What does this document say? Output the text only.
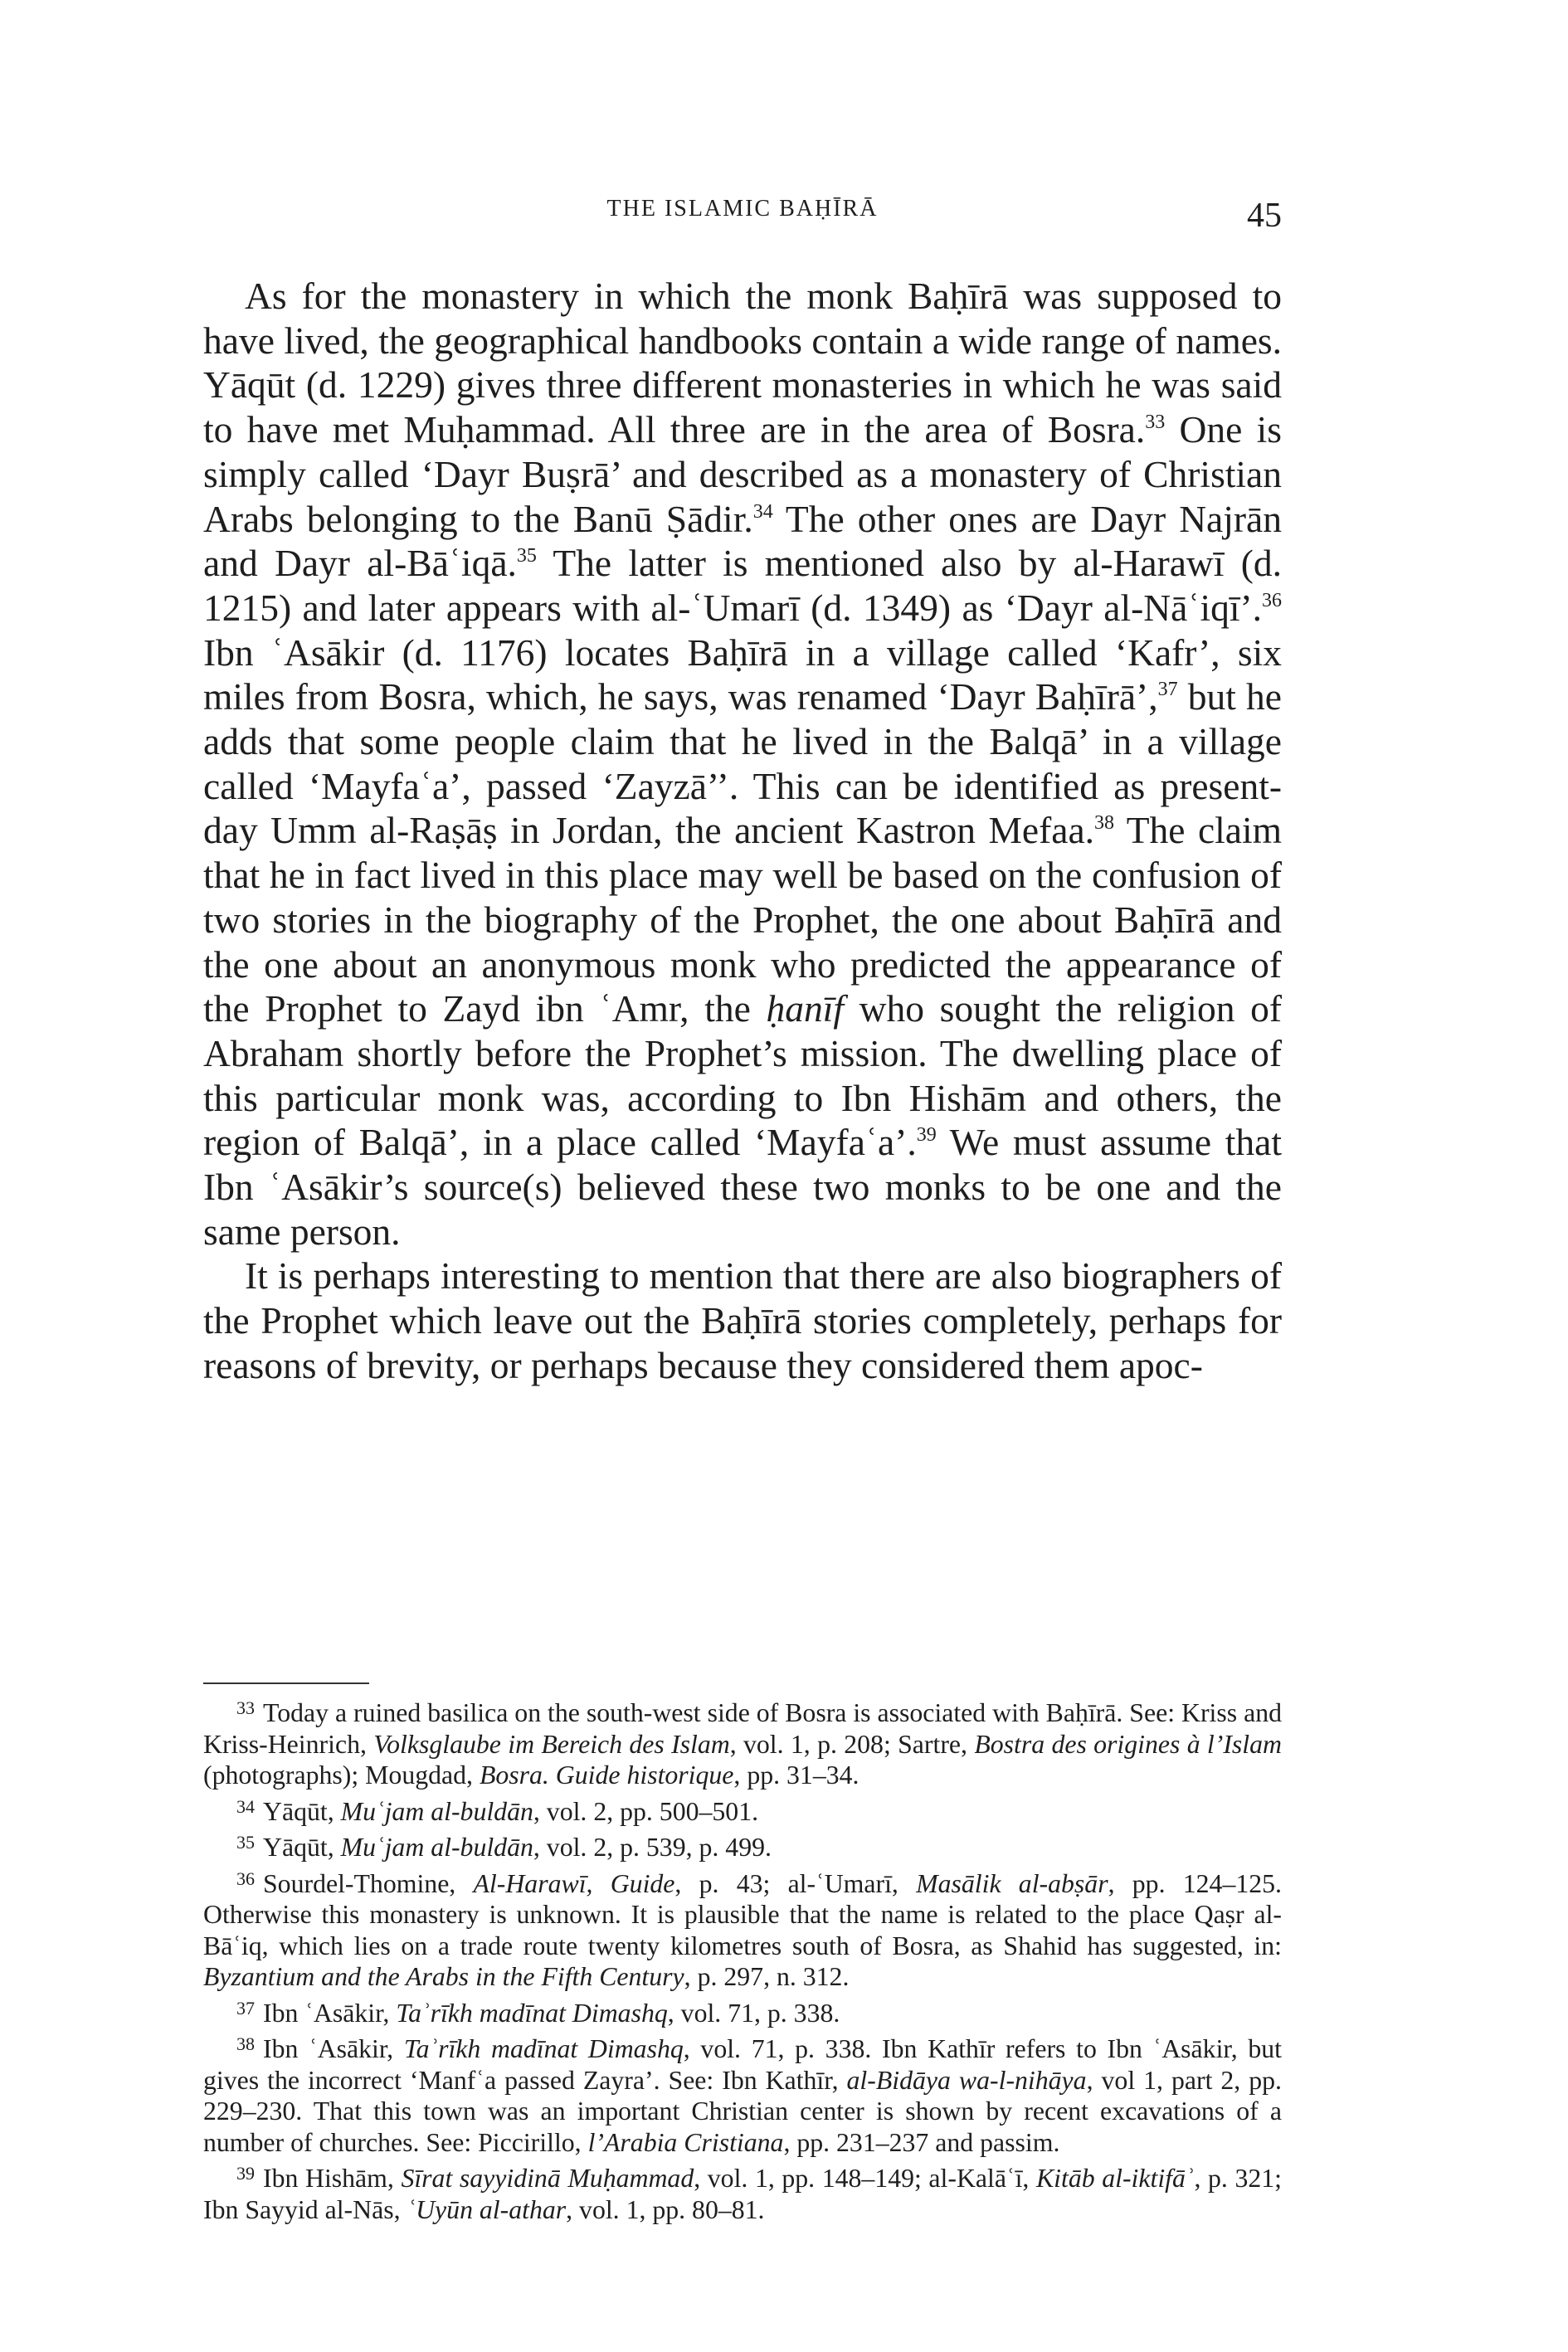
THE ISLAMIC BAḤĪRĀ	45

As for the monastery in which the monk Baḥīrā was supposed to have lived, the geographical handbooks contain a wide range of names. Yāqūt (d. 1229) gives three different monasteries in which he was said to have met Muḥammad. All three are in the area of Bosra.$^{33}$ One is simply called ‘Dayr Buṣrā’ and described as a monastery of Christian Arabs belonging to the Banū Ṣādir.$^{34}$ The other ones are Dayr Najrān and Dayr al-Bāʿiqā.$^{35}$ The latter is mentioned also by al-Harawī (d. 1215) and later appears with al-ʿUmarī (d. 1349) as ‘Dayr al-Nāʿiqī’.$^{36}$ Ibn ʿAsākir (d. 1176) locates Baḥīrā in a village called ‘Kafr’, six miles from Bosra, which, he says, was renamed ‘Dayr Baḥīrā’,$^{37}$ but he adds that some people claim that he lived in the Balqā’ in a village called ‘Mayfaʿa’, passed ‘Zayzā’’. This can be identified as present-day Umm al-Raṣāṣ in Jordan, the ancient Kastron Mefaa.$^{38}$ The claim that he in fact lived in this place may well be based on the confusion of two stories in the biography of the Prophet, the one about Baḥīrā and the one about an anonymous monk who predicted the appearance of the Prophet to Zayd ibn ʿAmr, the ḥanīf who sought the religion of Abraham shortly before the Prophet’s mission. The dwelling place of this particular monk was, according to Ibn Hishām and others, the region of Balqā’, in a place called ‘Mayfaʿa’.$^{39}$ We must assume that Ibn ʿAsākir’s source(s) believed these two monks to be one and the same person.

It is perhaps interesting to mention that there are also biographers of the Prophet which leave out the Baḥīrā stories completely, perhaps for reasons of brevity, or perhaps because they considered them apoc-

$^{33}$ Today a ruined basilica on the south-west side of Bosra is associated with Baḥīrā. See: Kriss and Kriss-Heinrich, Volksglaube im Bereich des Islam, vol. 1, p. 208; Sartre, Bostra des origines à l’Islam (photographs); Mougdad, Bosra. Guide historique, pp. 31–34.

$^{34}$ Yāqūt, Muʿjam al-buldān, vol. 2, pp. 500–501.

$^{35}$ Yāqūt, Muʿjam al-buldān, vol. 2, p. 539, p. 499.

$^{36}$ Sourdel-Thomine, Al-Harawī, Guide, p. 43; al-ʿUmarī, Masālik al-abṣār, pp. 124–125. Otherwise this monastery is unknown. It is plausible that the name is related to the place Qaṣr al-Bāʿiq, which lies on a trade route twenty kilometres south of Bosra, as Shahid has suggested, in: Byzantium and the Arabs in the Fifth Century, p. 297, n. 312.

$^{37}$ Ibn ʿAsākir, Taʾrīkh madīnat Dimashq, vol. 71, p. 338.

$^{38}$ Ibn ʿAsākir, Taʾrīkh madīnat Dimashq, vol. 71, p. 338. Ibn Kathīr refers to Ibn ʿAsākir, but gives the incorrect ‘Manfʿa passed Zayra’. See: Ibn Kathīr, al-Bidāya wa-l-nihāya, vol 1, part 2, pp. 229–230. That this town was an important Christian center is shown by recent excavations of a number of churches. See: Piccirillo, l’Arabia Cristiana, pp. 231–237 and passim.

$^{39}$ Ibn Hishām, Sīrat sayyidinā Muḥammad, vol. 1, pp. 148–149; al-Kalāʿī, Kitāb al-iktifāʾ, p. 321; Ibn Sayyid al-Nās, ʿUyūn al-athar, vol. 1, pp. 80–81.
